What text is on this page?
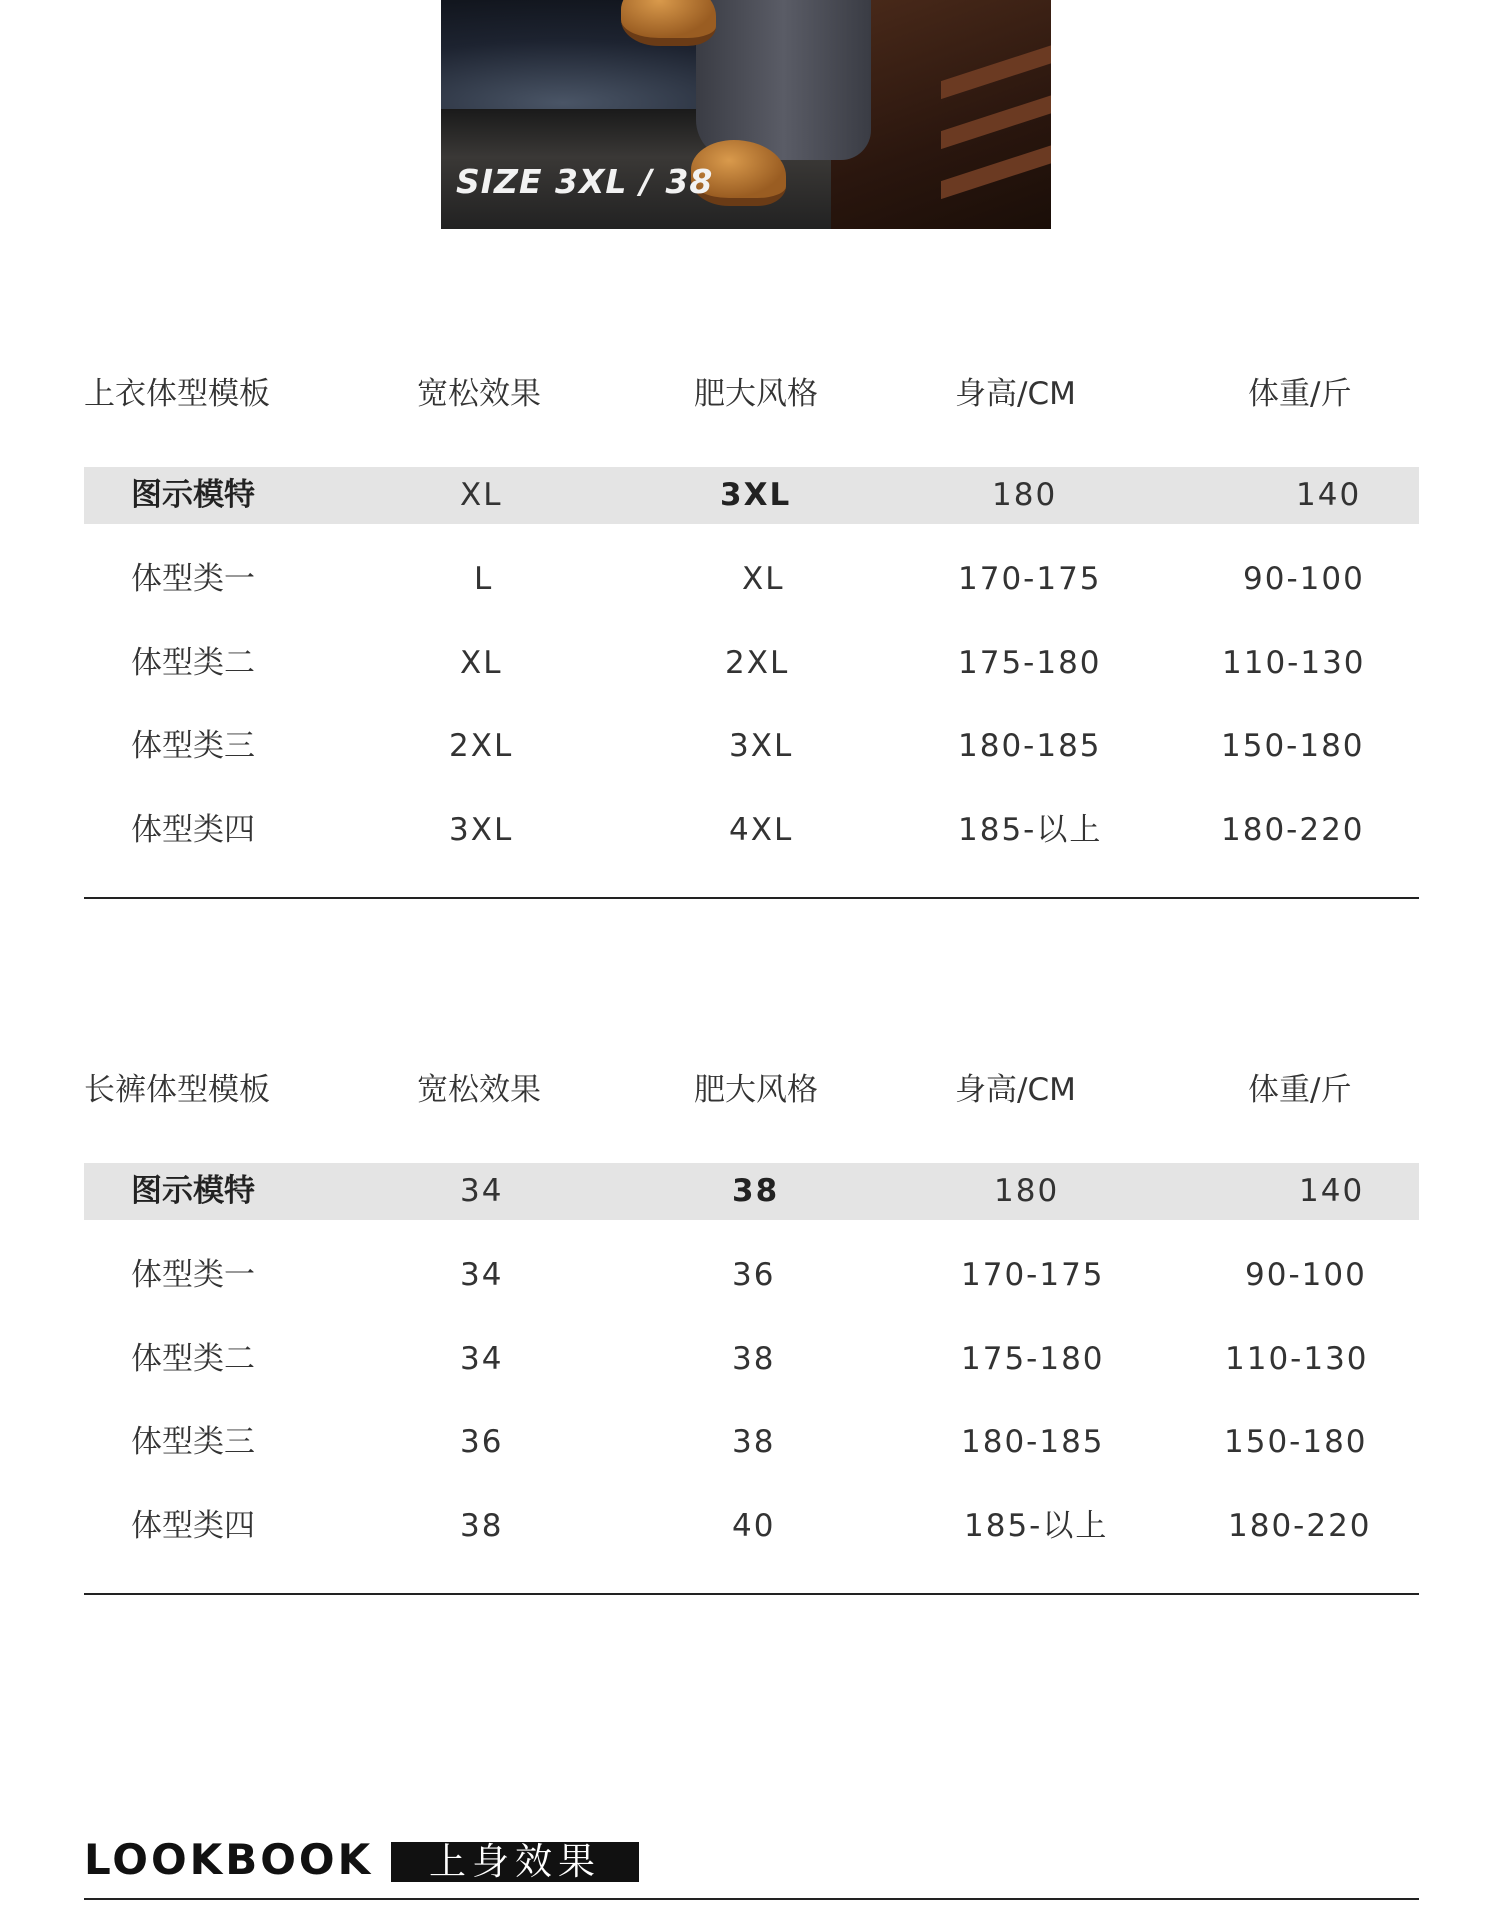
SIZE 3XL / 38
上衣体型模板	宽松效果	肥大风格	身高/CM	体重/斤
图示模特	XL	3XL	180	140
体型类一	L	XL	170-175	90-100
体型类二	XL	2XL	175-180	110-130
体型类三	2XL	3XL	180-185	150-180
体型类四	3XL	4XL	185-以上	180-220
长裤体型模板	宽松效果	肥大风格	身高/CM	体重/斤
图示模特	34	38	180	140
体型类一	34	36	170-175	90-100
体型类二	34	38	175-180	110-130
体型类三	36	38	180-185	150-180
体型类四	38	40	185-以上	180-220
LOOKBOOK	上身效果
